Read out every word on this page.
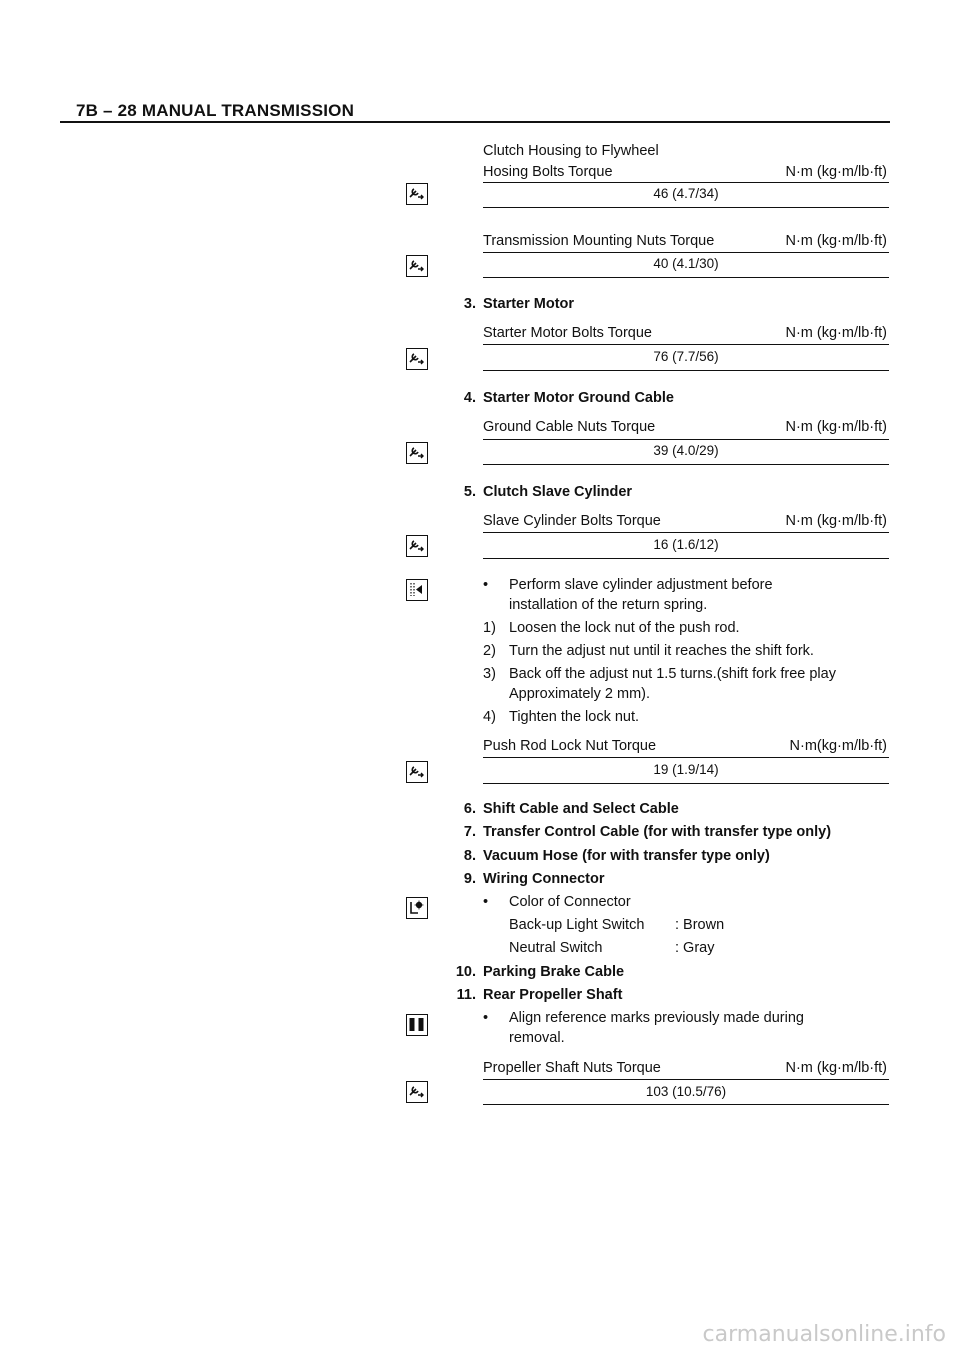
7B – 28 MANUAL TRANSMISSION
Clutch Housing to Flywheel
Hosing Bolts Torque	N·m (kg·m/lb·ft)
46 (4.7/34)
Transmission Mounting Nuts Torque	N·m (kg·m/lb·ft)
40 (4.1/30)
3. Starter Motor
Starter Motor Bolts Torque	N·m (kg·m/lb·ft)
76 (7.7/56)
4. Starter Motor Ground Cable
Ground Cable Nuts Torque	N·m (kg·m/lb·ft)
39 (4.0/29)
5. Clutch Slave Cylinder
Slave Cylinder Bolts Torque	N·m (kg·m/lb·ft)
16 (1.6/12)
• Perform slave cylinder adjustment before
installation of the return spring.
1) Loosen the lock nut of the push rod.
2) Turn the adjust nut until it reaches the shift fork.
3) Back off the adjust nut 1.5 turns.(shift fork free play
Approximately 2 mm).
4) Tighten the lock nut.
Push Rod Lock Nut Torque	N·m(kg·m/lb·ft)
19 (1.9/14)
6. Shift Cable and Select Cable
7. Transfer Control Cable (for with transfer type only)
8. Vacuum Hose (for with transfer type only)
9. Wiring Connector
• Color of Connector
Back-up Light Switch : Brown
Neutral Switch	: Gray
10. Parking Brake Cable
11. Rear Propeller Shaft
• Align reference marks previously made during
removal.
Propeller Shaft Nuts Torque	N·m (kg·m/lb·ft)
103 (10.5/76)
carmanualsonline.info
